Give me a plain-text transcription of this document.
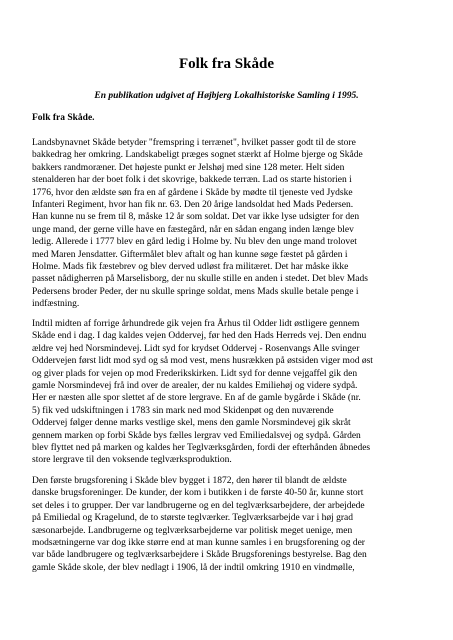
Folk fra Skåde

En publikation udgivet af Højbjerg Lokalhistoriske Samling i 1995.

Folk fra Skåde.

Landsbynavnet Skåde betyder "fremspring i terrænet", hvilket passer godt til de store
bakkedrag her omkring. Landskabeligt præges sognet stærkt af Holme bjerge og Skåde
bakkers randmoræner. Det højeste punkt er Jelshøj med sine 128 meter. Helt siden
stenalderen har der boet folk i det skovrige, bakkede terræn. Lad os starte historien i
1776, hvor den ældste søn fra en af gårdene i Skåde by mødte til tjeneste ved Jydske
Infanteri Regiment, hvor han fik nr. 63. Den 20 årige landsoldat hed Mads Pedersen.
Han kunne nu se frem til 8, måske 12 år som soldat. Det var ikke lyse udsigter for den
unge mand, der gerne ville have en fæstegård, når en sådan engang inden længe blev
ledig. Allerede i 1777 blev en gård ledig i Holme by. Nu blev den unge mand trolovet
med Maren Jensdatter. Giftermålet blev aftalt og han kunne søge fæstet på gården i
Holme. Mads fik fæstebrev og blev derved udløst fra militæret. Det har måske ikke
passet nådigherren på Marselisborg, der nu skulle stille en anden i stedet. Det blev Mads
Pedersens broder Peder, der nu skulle springe soldat, mens Mads skulle betale penge i
indfæstning.

Indtil midten af forrige århundrede gik vejen fra Århus til Odder lidt østligere gennem
Skåde end i dag. I dag kaldes vejen Oddervej, før hed den Hads Herreds vej. Den endnu
ældre vej hed Norsmindevej. Lidt syd for krydset Oddervej - Rosenvangs Alle svinger
Oddervejen først lidt mod syd og så mod vest, mens husrækken på østsiden viger mod øst
og giver plads for vejen op mod Frederikskirken. Lidt syd for denne vejgaffel gik den
gamle Norsmindevej frå ind over de arealer, der nu kaldes Emiliehøj og videre sydpå.
Her er næsten alle spor slettet af de store lergrave. En af de gamle bygårde i Skåde (nr.
5) fik ved udskiftningen i 1783 sin mark ned mod Skidenpøt og den nuværende
Oddervej følger denne marks vestlige skel, mens den gamle Norsmindevej gik skråt
gennem marken op forbi Skåde bys fælles lergrav ved Emiliedalsvej og sydpå. Gården
blev flyttet ned på marken og kaldes her Teglværksgården, fordi der efterhånden åbnedes
store lergrave til den voksende teglværksproduktion.

Den første brugsforening i Skåde blev bygget i 1872, den hører til blandt de ældste
danske brugsforeninger. De kunder, der kom i butikken i de første 40-50 år, kunne stort
set deles i to grupper. Der var landbrugerne og en del teglværksarbejdere, der arbejdede
på Emiliedal og Kragelund, de to største teglværker. Teglværksarbejde var i høj grad
sæsonarbejde. Landbrugerne og teglværksarbejderne var politisk meget uenige, men
modsætningerne var dog ikke større end at man kunne samles i en brugsforening og der
var både landbrugere og teglværksarbejdere i Skåde Brugsforenings bestyrelse. Bag den
gamle Skåde skole, der blev nedlagt i 1906, lå der indtil omkring 1910 en vindmølle,
